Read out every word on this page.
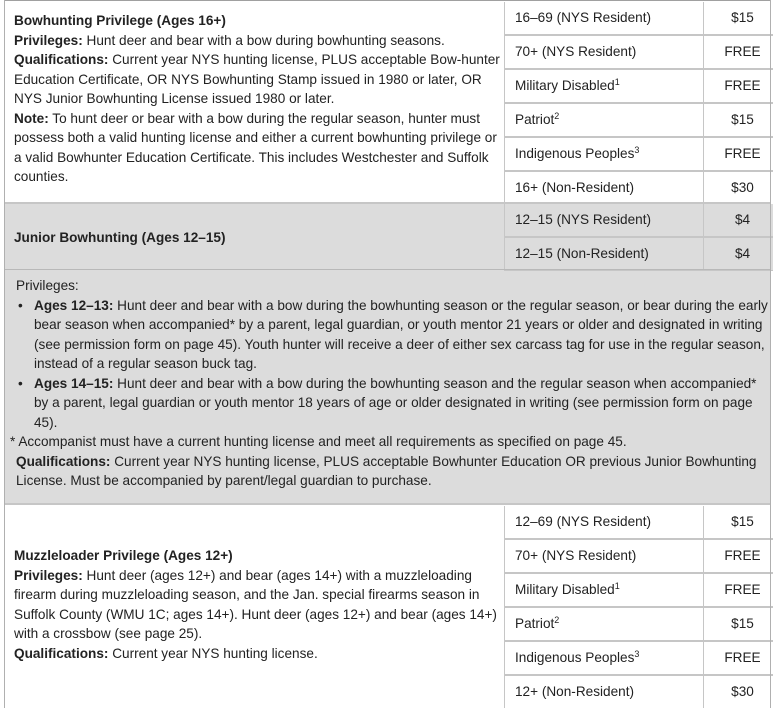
Bowhunting Privilege (Ages 16+)

Privileges: Hunt deer and bear with a bow during bowhunting seasons.

Qualifications: Current year NYS hunting license, PLUS acceptable Bow-hunter Education Certificate, OR NYS Bowhunting Stamp issued in 1980 or later, OR NYS Junior Bowhunting License issued 1980 or later.

Note: To hunt deer or bear with a bow during the regular season, hunter must possess both a valid hunting license and either a current bowhunting privilege or a valid Bowhunter Education Certificate. This includes Westchester and Suffolk counties.

16–69 (NYS Resident)	$15
70+ (NYS Resident)	FREE
Military Disabled$^1$	FREE
Patriot$^2$	$15
Indigenous Peoples$^3$	FREE
16+ (Non-Resident)	$30

Junior Bowhunting (Ages 12–15)

12–15 (NYS Resident)	$4
12–15 (Non-Resident)	$4

Privileges:

• Ages 12–13: Hunt deer and bear with a bow during the bowhunting season or the regular season, or bear during the early bear season when accompanied* by a parent, legal guardian, or youth mentor 21 years or older and designated in writing (see permission form on page 45). Youth hunter will receive a deer of either sex carcass tag for use in the regular season, instead of a regular season buck tag.
• Ages 14–15: Hunt deer and bear with a bow during the bowhunting season and the regular season when accompanied* by a parent, legal guardian or youth mentor 18 years of age or older designated in writing (see permission form on page 45).

* Accompanist must have a current hunting license and meet all requirements as specified on page 45.

Qualifications: Current year NYS hunting license, PLUS acceptable Bowhunter Education OR previous Junior Bowhunting License. Must be accompanied by parent/legal guardian to purchase.

Muzzleloader Privilege (Ages 12+)

Privileges: Hunt deer (ages 12+) and bear (ages 14+) with a muzzleloading firearm during muzzleloading season, and the Jan. special firearms season in Suffolk County (WMU 1C; ages 14+). Hunt deer (ages 12+) and bear (ages 14+) with a crossbow (see page 25).

Qualifications: Current year NYS hunting license.

12–69 (NYS Resident)	$15
70+ (NYS Resident)	FREE
Military Disabled$^1$	FREE
Patriot$^2$	$15
Indigenous Peoples$^3$	FREE
12+ (Non-Resident)	$30
